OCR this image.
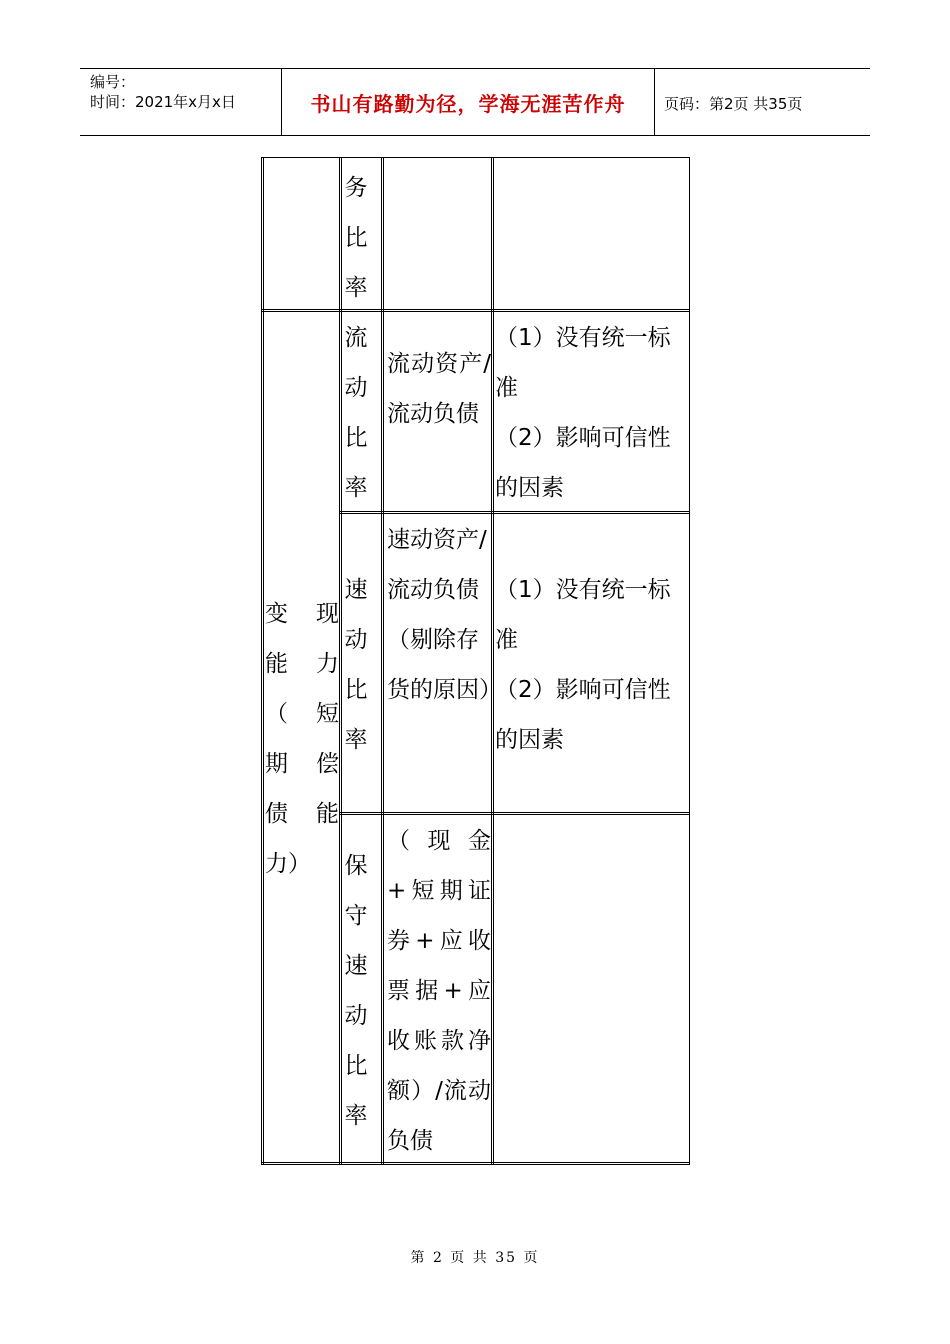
编号：
时间：2021年x月x日	书山有路勤为径，学海无涯苦作舟	页码：第2页 共35页
务比率
变现
能力
（短
期偿
债能
力）
流动比率
流动资产/流动负债
（1）没有统一标准
（2）影响可信性的因素
速动比率
速动资产/流动负债
（剔除存货的原因）
（1）没有统一标准
（2）影响可信性的因素
保守速动比率
（现金+短期证券+应收票据+应收账款净额）/流动负债
第 2 页 共 35 页
